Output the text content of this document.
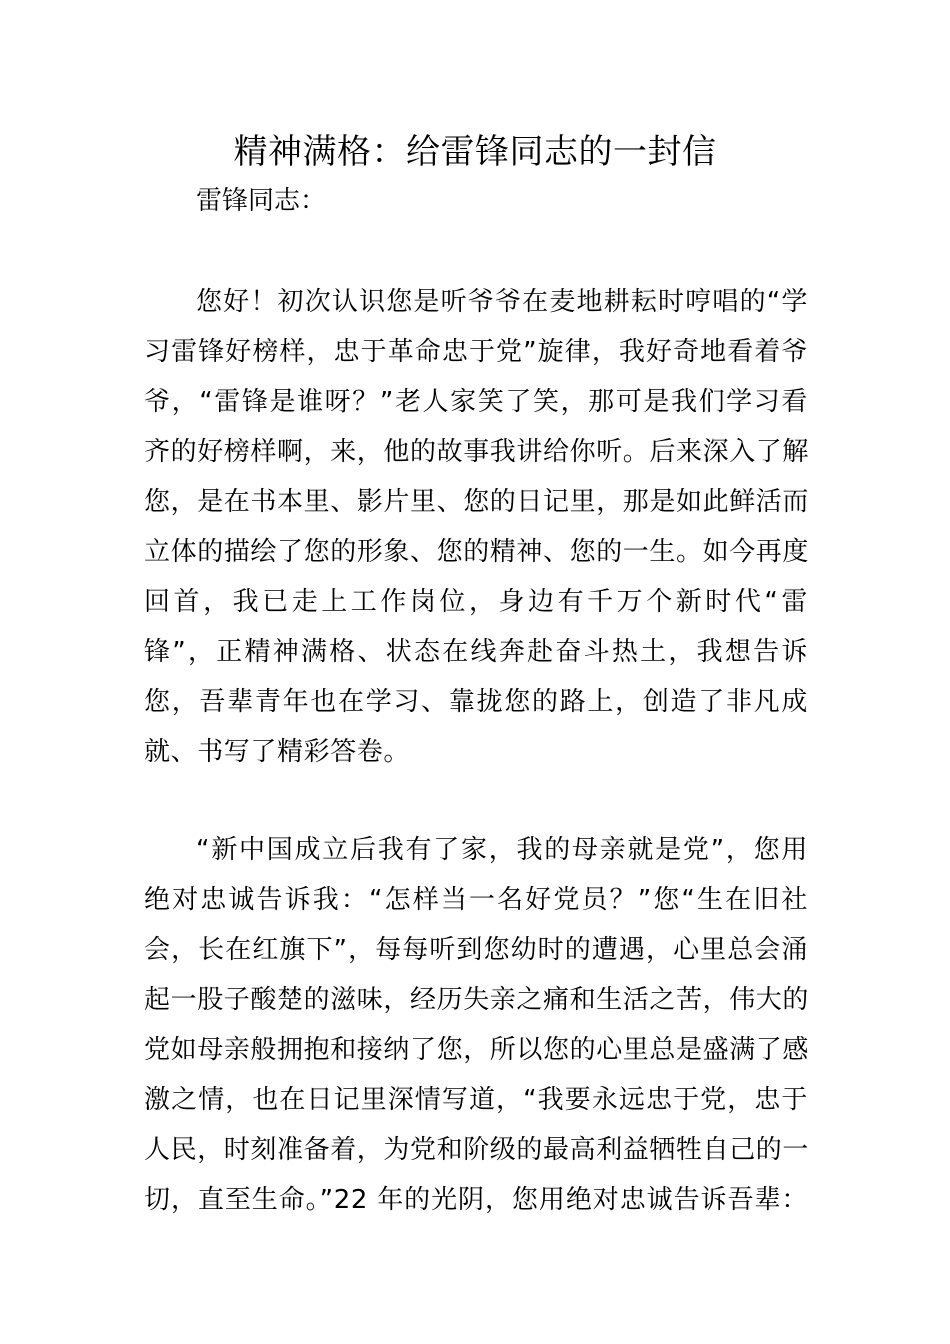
精神满格：给雷锋同志的一封信

雷锋同志：

您好！初次认识您是听爷爷在麦地耕耘时哼唱的“学
习雷锋好榜样，忠于革命忠于党”旋律，我好奇地看着爷
爷，“雷锋是谁呀？”老人家笑了笑，那可是我们学习看
齐的好榜样啊，来，他的故事我讲给你听。后来深入了解
您，是在书本里、影片里、您的日记里，那是如此鲜活而
立体的描绘了您的形象、您的精神、您的一生。如今再度
回首，我已走上工作岗位，身边有千万个新时代“雷
锋”，正精神满格、状态在线奔赴奋斗热土，我想告诉
您，吾辈青年也在学习、靠拢您的路上，创造了非凡成
就、书写了精彩答卷。
“新中国成立后我有了家，我的母亲就是党”，您用
绝对忠诚告诉我：“怎样当一名好党员？”您“生在旧社
会，长在红旗下”，每每听到您幼时的遭遇，心里总会涌
起一股子酸楚的滋味，经历失亲之痛和生活之苦，伟大的
党如母亲般拥抱和接纳了您，所以您的心里总是盛满了感
激之情，也在日记里深情写道，“我要永远忠于党，忠于
人民，时刻准备着，为党和阶级的最高利益牺牲自己的一
切，直至生命。”22 年的光阴，您用绝对忠诚告诉吾辈：
